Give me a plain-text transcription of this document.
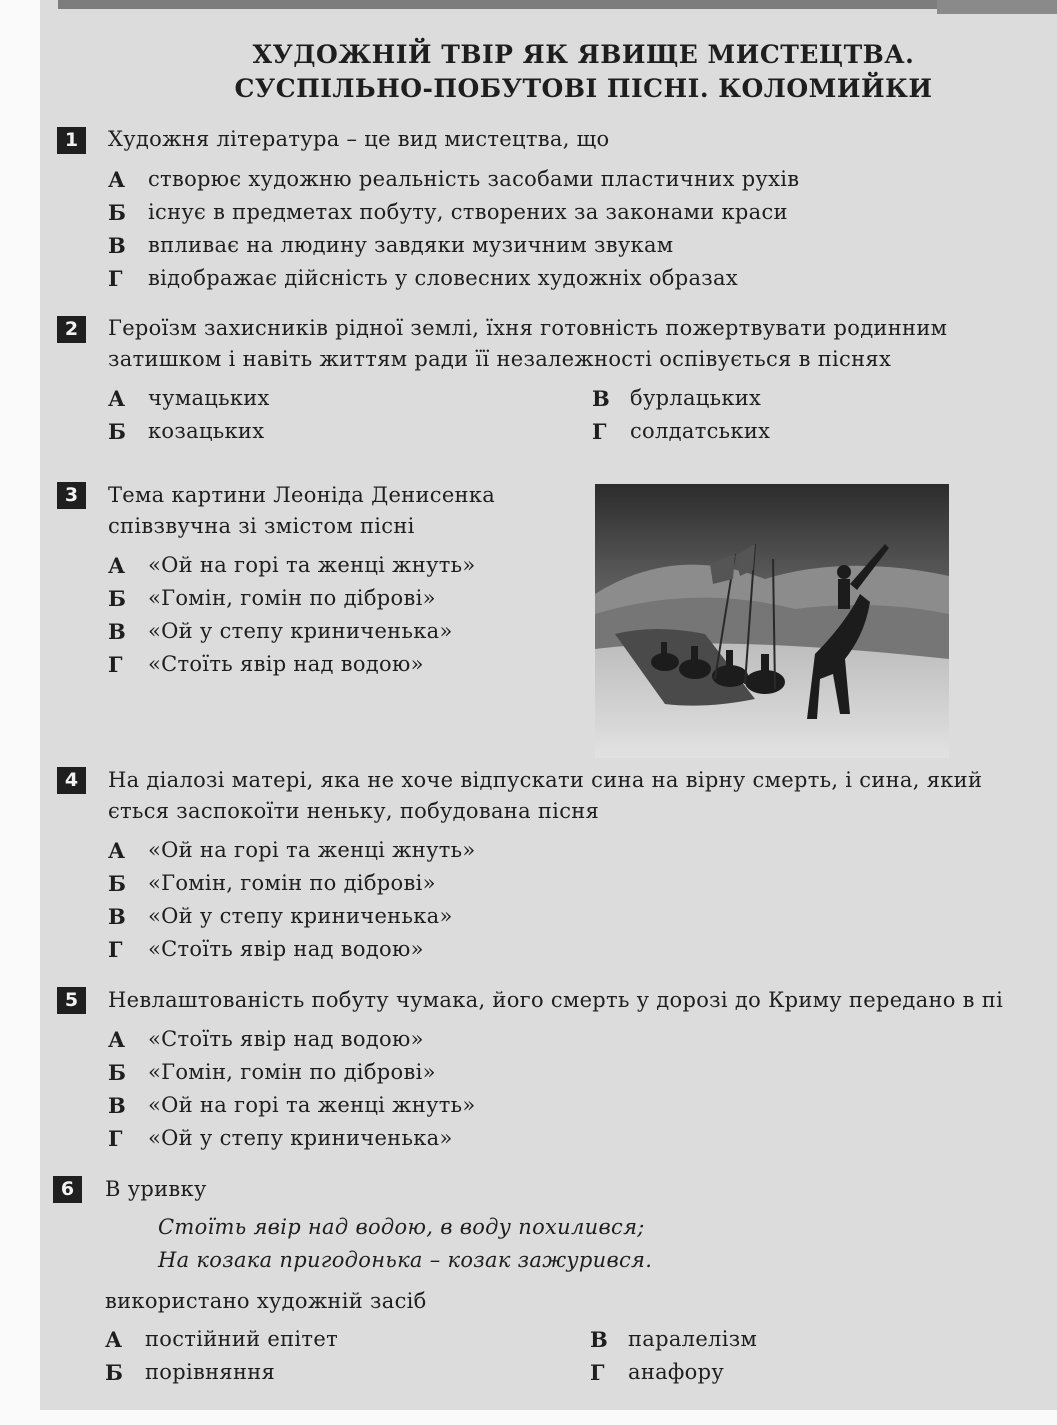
ХУДОЖНІЙ ТВІР ЯК ЯВИЩЕ МИСТЕЦТВА.
СУСПІЛЬНО-ПОБУТОВІ ПІСНІ. КОЛОМИЙКИ
1	Художня література – це вид мистецтва, що
А створює художню реальність засобами пластичних рухів
Б існує в предметах побуту, створених за законами краси
В впливає на людину завдяки музичним звукам
Г відображає дійсність у словесних художніх образах
2	Героїзм захисників рідної землі, їхня готовність пожертвувати родинним
затишком і навіть життям ради її незалежності оспівується в піснях
А чумацьких
Б козацьких
В бурлацьких
Г солдатських
3	Тема картини Леоніда Денисенка
співзвучна зі змістом пісні
А «Ой на горі та женці жнуть»
Б «Гомін, гомін по діброві»
В «Ой у степу криниченька»
Г «Стоїть явір над водою»
4	На діалозі матері, яка не хоче відпускати сина на вірну смерть, і сина, який
ється заспокоїти неньку, побудована пісня
А «Ой на горі та женці жнуть»
Б «Гомін, гомін по діброві»
В «Ой у степу криниченька»
Г «Стоїть явір над водою»
5	Невлаштованість побуту чумака, його смерть у дорозі до Криму передано в пі
А «Стоїть явір над водою»
Б «Гомін, гомін по діброві»
В «Ой на горі та женці жнуть»
Г «Ой у степу криниченька»
6	В уривку
Стоїть явір над водою, в воду похилився;
На козака пригодонька – козак зажурився.
використано художній засіб
А постійний епітет
Б порівняння
В паралелізм
Г анафору
